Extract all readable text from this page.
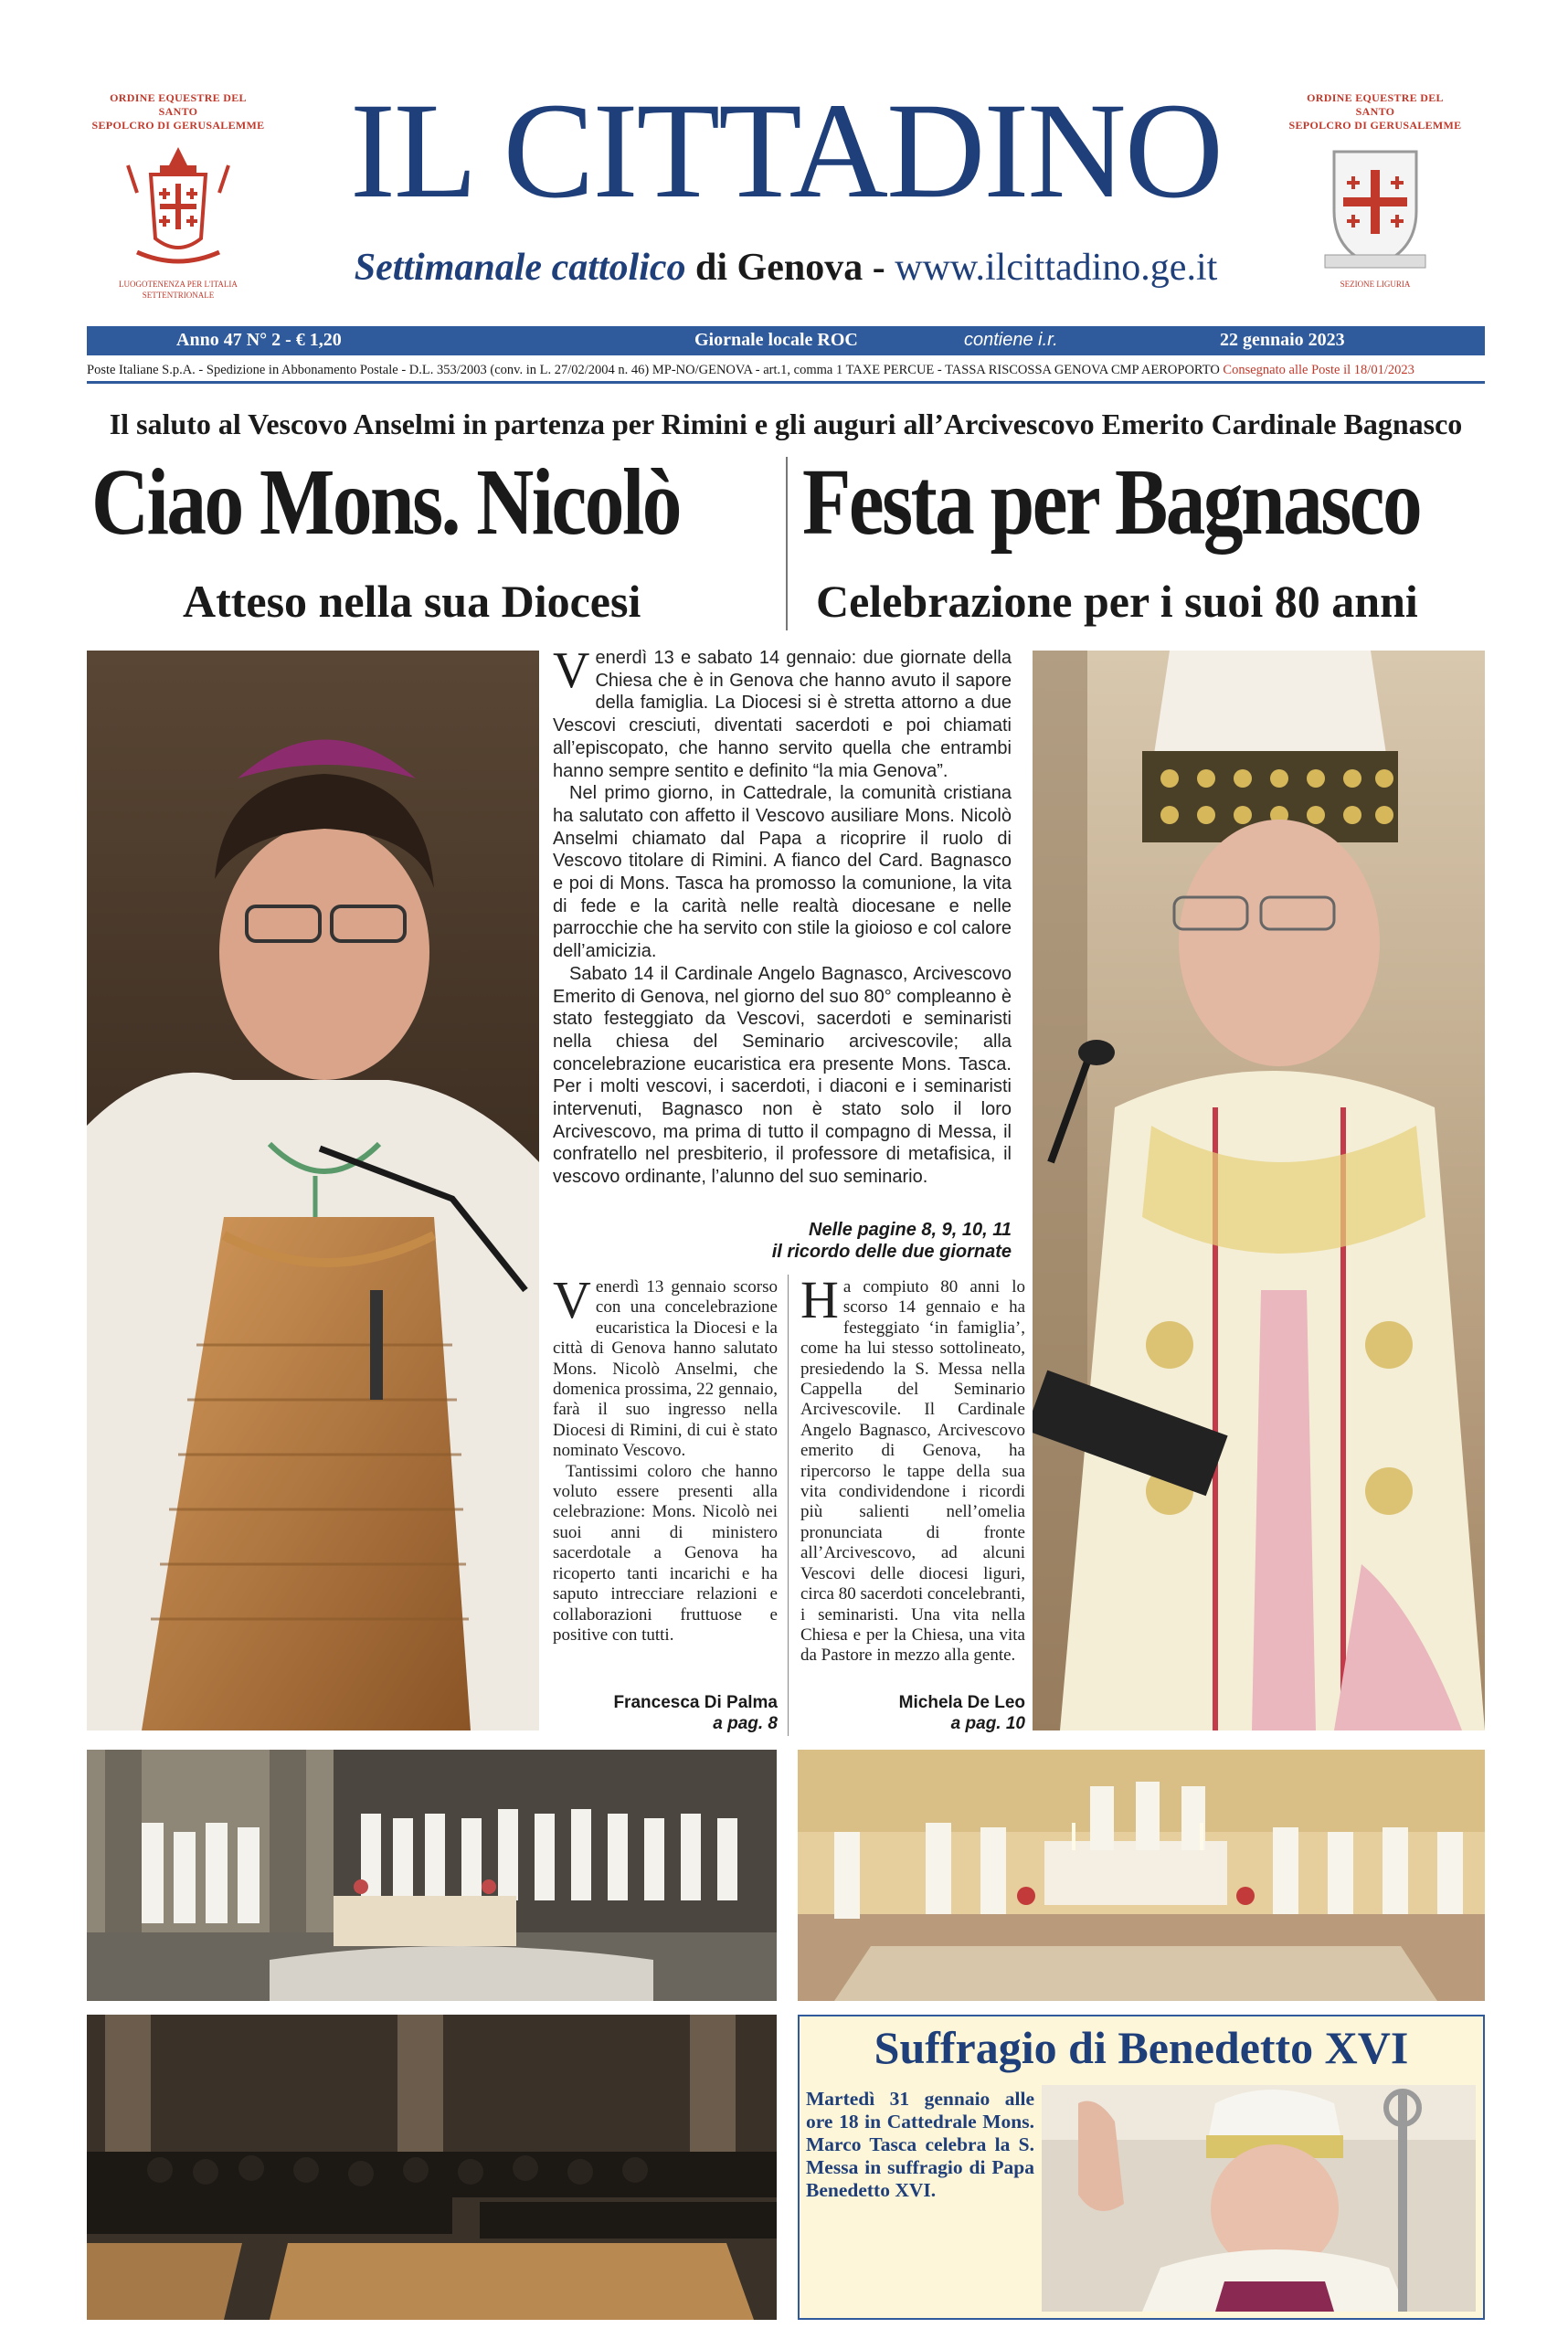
ORDINE EQUESTRE DEL SANTO
SEPOLCRO DI GERUSALEMME
LUOGOTENENZA PER L'ITALIA SETTENTRIONALE
ORDINE EQUESTRE DEL SANTO
SEPOLCRO DI GERUSALEMME
SEZIONE LIGURIA
IL CITTADINO
Settimanale cattolico di Genova - www.ilcittadino.ge.it
Anno 47 N° 2 - € 1,20	Giornale locale ROC	contiene i.r.	22 gennaio 2023
Poste Italiane S.p.A. - Spedizione in Abbonamento Postale - D.L. 353/2003 (conv. in L. 27/02/2004 n. 46) MP-NO/GENOVA - art.1, comma 1 TAXE PERCUE - TASSA RISCOSSA GENOVA CMP AEROPORTO Consegnato alle Poste il 18/01/2023
Il saluto al Vescovo Anselmi in partenza per Rimini e gli auguri all’Arcivescovo Emerito Cardinale Bagnasco
Ciao Mons. Nicolò Festa per Bagnasco
Atteso nella sua Diocesi	Celebrazione per i suoi 80 anni

Venerdì 13 e sabato 14 gennaio: due giornate della Chiesa che è in Genova che hanno avuto il sapore della famiglia. La Diocesi si è stretta attorno a due Vescovi cresciuti, diventati sacerdoti e poi chiamati all’episcopato, che hanno servito quella che entrambi hanno sempre sentito e definito “la mia Genova”.

Nel primo giorno, in Cattedrale, la comunità cristiana ha salutato con affetto il Vescovo ausiliare Mons. Nicolò Anselmi chiamato dal Papa a ricoprire il ruolo di Vescovo titolare di Rimini. A fianco del Card. Bagnasco e poi di Mons. Tasca ha promosso la comunione, la vita di fede e la carità nelle realtà diocesane e nelle parrocchie che ha servito con stile la gioioso e col calore dell’amicizia.

Sabato 14 il Cardinale Angelo Bagnasco, Arcivescovo Emerito di Genova, nel giorno del suo 80° compleanno è stato festeggiato da Vescovi, sacerdoti e seminaristi nella chiesa del Seminario arcivescovile; alla concelebrazione eucaristica era presente Mons. Tasca. Per i molti vescovi, i sacerdoti, i diaconi e i seminaristi intervenuti, Bagnasco non è stato solo il loro Arcivescovo, ma prima di tutto il compagno di Messa, il confratello nel presbiterio, il professore di metafisica, il vescovo ordinante, l’alunno del suo seminario.

Nelle pagine 8, 9, 10, 11
il ricordo delle due giornate

Venerdì 13 gennaio scorso con una concelebrazione eucaristica la Diocesi e la città di Genova hanno salutato Mons. Nicolò Anselmi, che domenica prossima, 22 gennaio, farà il suo ingresso nella Diocesi di Rimini, di cui è stato nominato Vescovo.

Tantissimi coloro che hanno voluto essere presenti alla celebrazione: Mons. Nicolò nei suoi anni di ministero sacerdotale a Genova ha ricoperto tanti incarichi e ha saputo intrecciare relazioni e collaborazioni fruttuose e positive con tutti.

Ha compiuto 80 anni lo scorso 14 gennaio e ha festeggiato ‘in famiglia’, come ha lui stesso sottolineato, presiedendo la S. Messa nella Cappella del Seminario Arcivescovile. Il Cardinale Angelo Bagnasco, Arcivescovo emerito di Genova, ha ripercorso le tappe della sua vita condividendone i ricordi più salienti nell’omelia pronunciata di fronte all’Arcivescovo, ad alcuni Vescovi delle diocesi liguri, circa 80 sacerdoti concelebranti, i seminaristi. Una vita nella Chiesa e per la Chiesa, una vita da Pastore in mezzo alla gente.

Francesca Di Palma
a pag. 8
Michela De Leo
a pag. 10
Suffragio di Benedetto XVI
Martedì 31 gennaio alle ore 18 in Cattedrale Mons. Marco Tasca celebra la S. Messa in suffragio di Papa Benedetto XVI.
